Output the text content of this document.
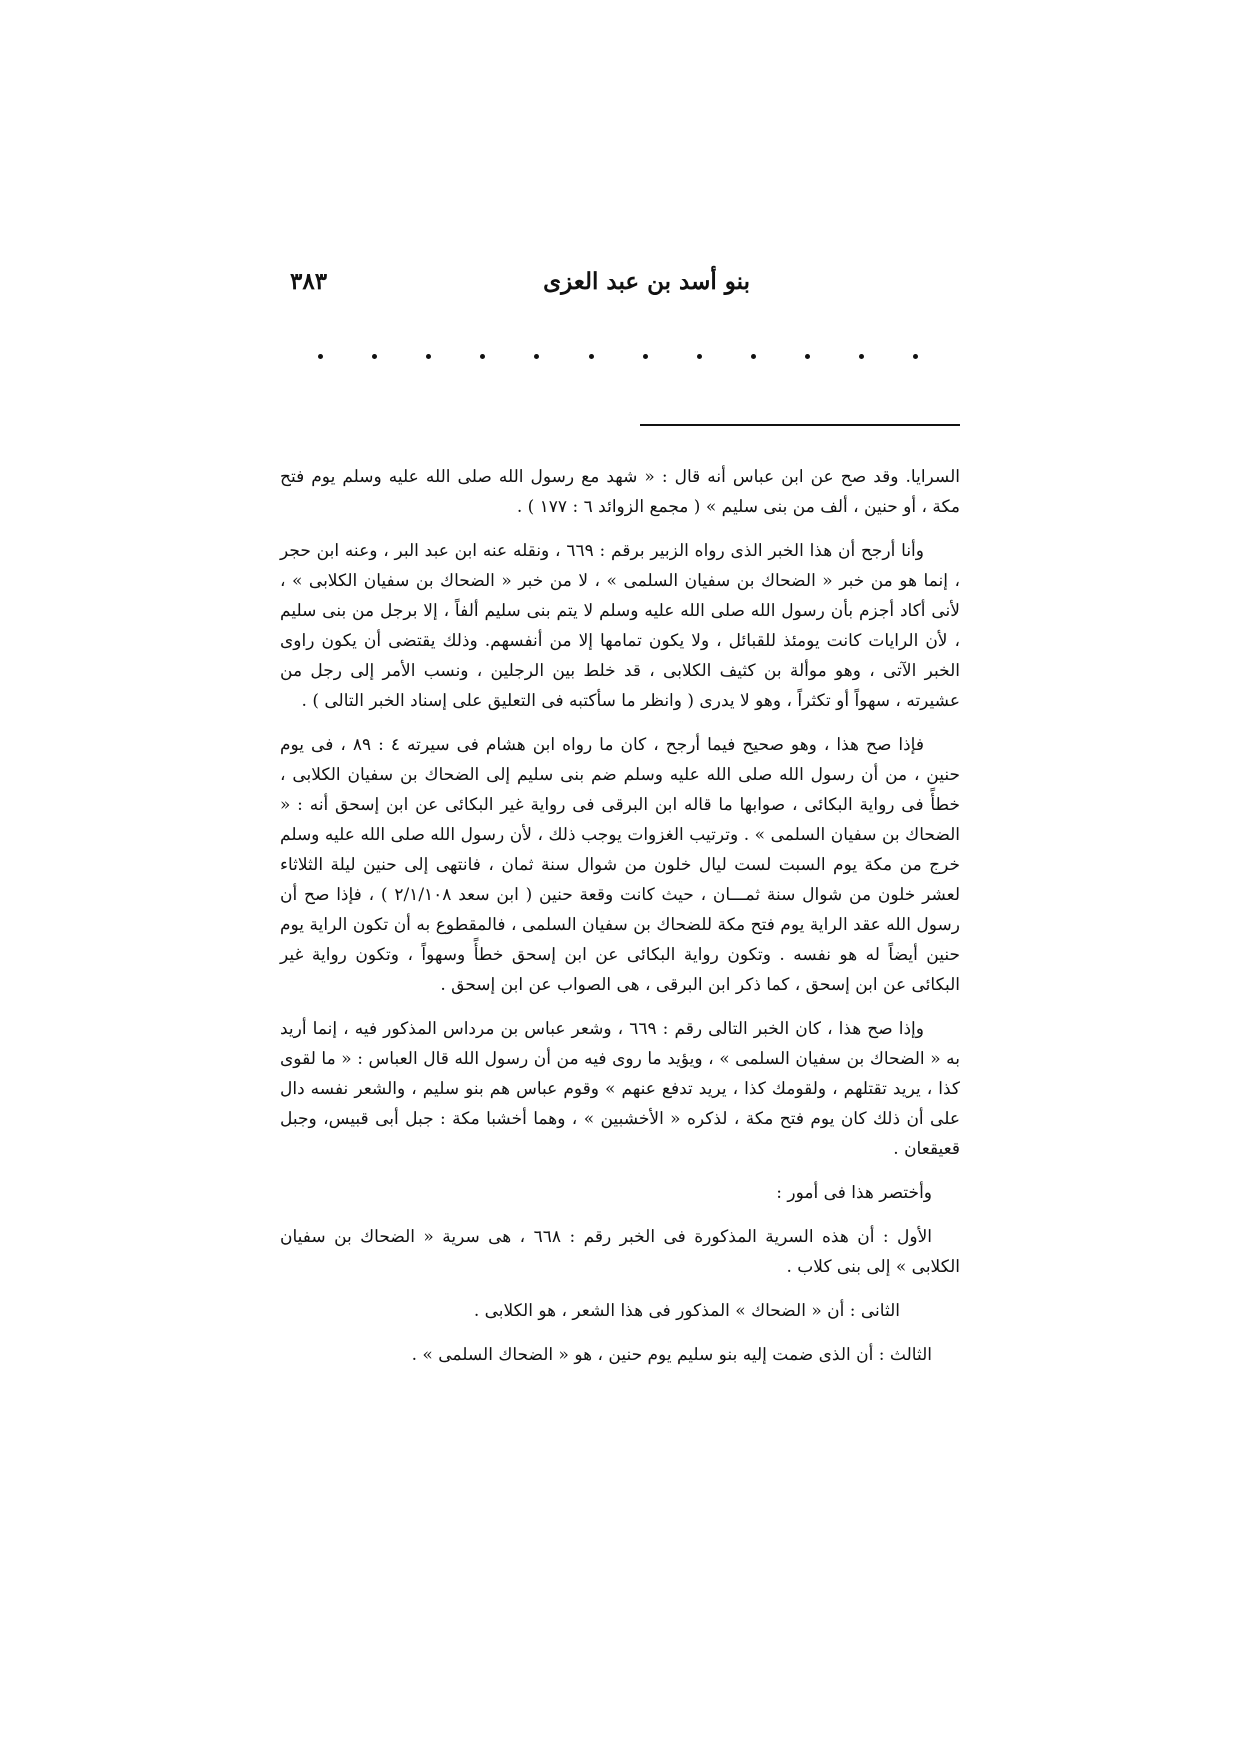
بنو أسد بن عبد العزى
٣٨٣

السرايا. وقد صح عن ابن عباس أنه قال : « شهد مع رسول الله صلى الله عليه وسلم يوم فتح مكة ، أو حنين ، ألف من بنى سليم » ( مجمع الزوائد ٦ : ١٧٧ ) .

وأنا أرجح أن هذا الخبر الذى رواه الزبير برقم : ٦٦٩ ، ونقله عنه ابن عبد البر ، وعنه ابن حجر ، إنما هو من خبر « الضحاك بن سفيان السلمى » ، لا من خبر « الضحاك بن سفيان الكلابى » ، لأنى أكاد أجزم بأن رسول الله صلى الله عليه وسلم لا يتم بنى سليم ألفاً ، إلا برجل من بنى سليم ، لأن الرايات كانت يومئذ للقبائل ، ولا يكون تمامها إلا من أنفسهم. وذلك يقتضى أن يكون راوى الخبر الآتى ، وهو موألة بن كثيف الكلابى ، قد خلط بين الرجلين ، ونسب الأمر إلى رجل من عشيرته ، سهواً أو تكثراً ، وهو لا يدرى ( وانظر ما سأكتبه فى التعليق على إسناد الخبر التالى ) .

فإذا صح هذا ، وهو صحيح فيما أرجح ، كان ما رواه ابن هشام فى سيرته ٤ : ٨٩ ، فى يوم حنين ، من أن رسول الله صلى الله عليه وسلم ضم بنى سليم إلى الضحاك بن سفيان الكلابى ، خطأً فى رواية البكائى ، صوابها ما قاله ابن البرقى فى رواية غير البكائى عن ابن إسحق أنه : « الضحاك بن سفيان السلمى » . وترتيب الغزوات يوجب ذلك ، لأن رسول الله صلى الله عليه وسلم خرج من مكة يوم السبت لست ليال خلون من شوال سنة ثمان ، فانتهى إلى حنين ليلة الثلاثاء لعشر خلون من شوال سنة ثمـــان ، حيث كانت وقعة حنين ( ابن سعد ٢/١/١٠٨ ) ، فإذا صح أن رسول الله عقد الراية يوم فتح مكة للضحاك بن سفيان السلمى ، فالمقطوع به أن تكون الراية يوم حنين أيضاً له هو نفسه . وتكون رواية البكائى عن ابن إسحق خطأً وسهواً ، وتكون رواية غير البكائى عن ابن إسحق ، كما ذكر ابن البرقى ، هى الصواب عن ابن إسحق .

وإذا صح هذا ، كان الخبر التالى رقم : ٦٦٩ ، وشعر عباس بن مرداس المذكور فيه ، إنما أريد به « الضحاك بن سفيان السلمى » ، ويؤيد ما روى فيه من أن رسول الله قال العباس : « ما لقوى كذا ، يريد تقتلهم ، ولقومك كذا ، يريد تدفع عنهم » وقوم عباس هم بنو سليم ، والشعر نفسه دال على أن ذلك كان يوم فتح مكة ، لذكره « الأخشبين » ، وهما أخشبا مكة : جبل أبى قبيس، وجبل قعيقعان .

وأختصر هذا فى أمور :

الأول : أن هذه السرية المذكورة فى الخبر رقم : ٦٦٨ ، هى سرية « الضحاك بن سفيان الكلابى » إلى بنى كلاب .

الثانى : أن « الضحاك » المذكور فى هذا الشعر ، هو الكلابى .

الثالث : أن الذى ضمت إليه بنو سليم يوم حنين ، هو « الضحاك السلمى » .
